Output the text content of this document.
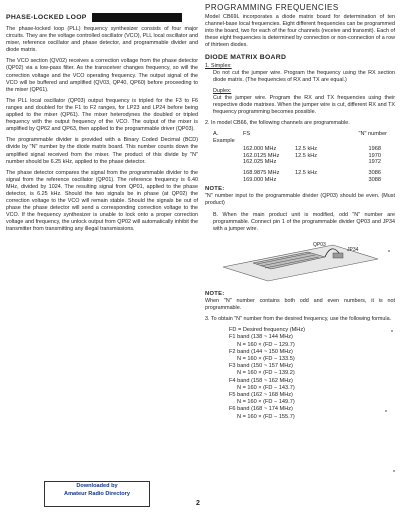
PHASE-LOCKED LOOP

The phase-locked loop (PLL) frequency synthesizer consists of four major circuits. They are the voltage controlled oscillator (VCO), PLL local oscillator and mixer, reference oscillator and phase detector, and programmable divider and diode matrix.

The VCO section (QV02) receives a correction voltage from the phase detector (QP02) via a low-pass filter. As the transceiver changes frequency, so will the correction voltage and the VCO operating frequency. The output signal of the VCO will be buffered and amplified (QV03, QP40, QP60) before proceeding to the mixer (QP61).

The PLL local oscillator (QP03) output frequency is tripled for the F3 to F6 ranges and doubled for the F1 to F2 ranges, for LP23 and LP24 before being applied to the mixer (QP61). The mixer heterodynes the doubled or tripled frequency with the output frequency of the VCO. The output of the mixer is amplified by QP62 and QP63, then applied to the programmable driver (QP03).

The programmable divider is provided with a Binary Coded Decimal (BCD) divide by "N" number by the diode matrix board. This number counts down the amplified signal received from the mixer. The product of this divide by "N" number should be 6.25 kHz, applied to the phase detector.

The phase detector compares the signal from the programmable divider to the signal from the reference oscillator (QP01). The reference frequency is 6.40 MHz, divided by 1024. The resulting signal from QP01, applied to the phase detector, is 6.25 kHz. Should the two signals be in phase (at QP02) the correction voltage to the VCO will remain stable. Should the signals be out of phase the phase detector will send a corresponding correction voltage to the VCO. If the frequency synthesizer is unable to lock onto a proper correction voltage and frequency, the unlock output from QP02 will automatically inhibit the transmitter from transmitting any illegal transmissions.

PROGRAMMING FREQUENCIES

Model CB69L incorporates a diode matrix board for determination of ten channel-base local frequencies. Eight different frequencies can be programmed into the board, two for each of the four channels (receive and transmit). Each of these eight frequencies is determined by connection or non-connection of a row of thirteen diodes.

DIODE MATRIX BOARD
1. Simplex:

Do not cut the jumper wire. Program the frequency using the RX section diode matrix. (The frequencies of RX and TX are equal.)

Duplex:

Cut the jumper wire. Program the RX and TX frequencies using their respective diode matrixes. When the jumper wire is cut, different RX and TX frequency programming becomes possible.

2. In model CB66, the following channels are programmable.

A. Example
FS	"N" number
162.000 MHz	12.5 kHz	1968
162.0125 MHz	12.5 kHz	1970
162.025 MHz	1972
168.9875 MHz	12.5 kHz	3086
169.000 MHz	3088
NOTE:

"N" number input to the programmable divider (QP03) should be even. (Must product)

B. When the main product unit is modified, odd "N" number are programmable. Connect pin 1 of the programmable divider QP03 and JP34 with a jumper wire.

QP03
JP34
NOTE:

When "N" number contains both odd and even numbers, it is not programmable.

3. To obtain "N" number from the desired frequency, use the following formula.

FD = Desired frequency (MHz)
F1 band (138 ~ 144 MHz)
N = 160 × (FD − 129.7)
F2 band (144 ~ 150 MHz)
N = 160 × (FD − 133.5)
F3 band (150 ~ 157 MHz)
N = 160 × (FD − 139.2)
F4 band (158 ~ 162 MHz)
N = 160 × (FD − 143.7)
F5 band (162 ~ 168 MHz)
N = 160 × (FD − 149.7)
F6 band (168 ~ 174 MHz)
N = 160 × (FD − 155.7)
Downloaded by
Amateur Radio Directory
2
